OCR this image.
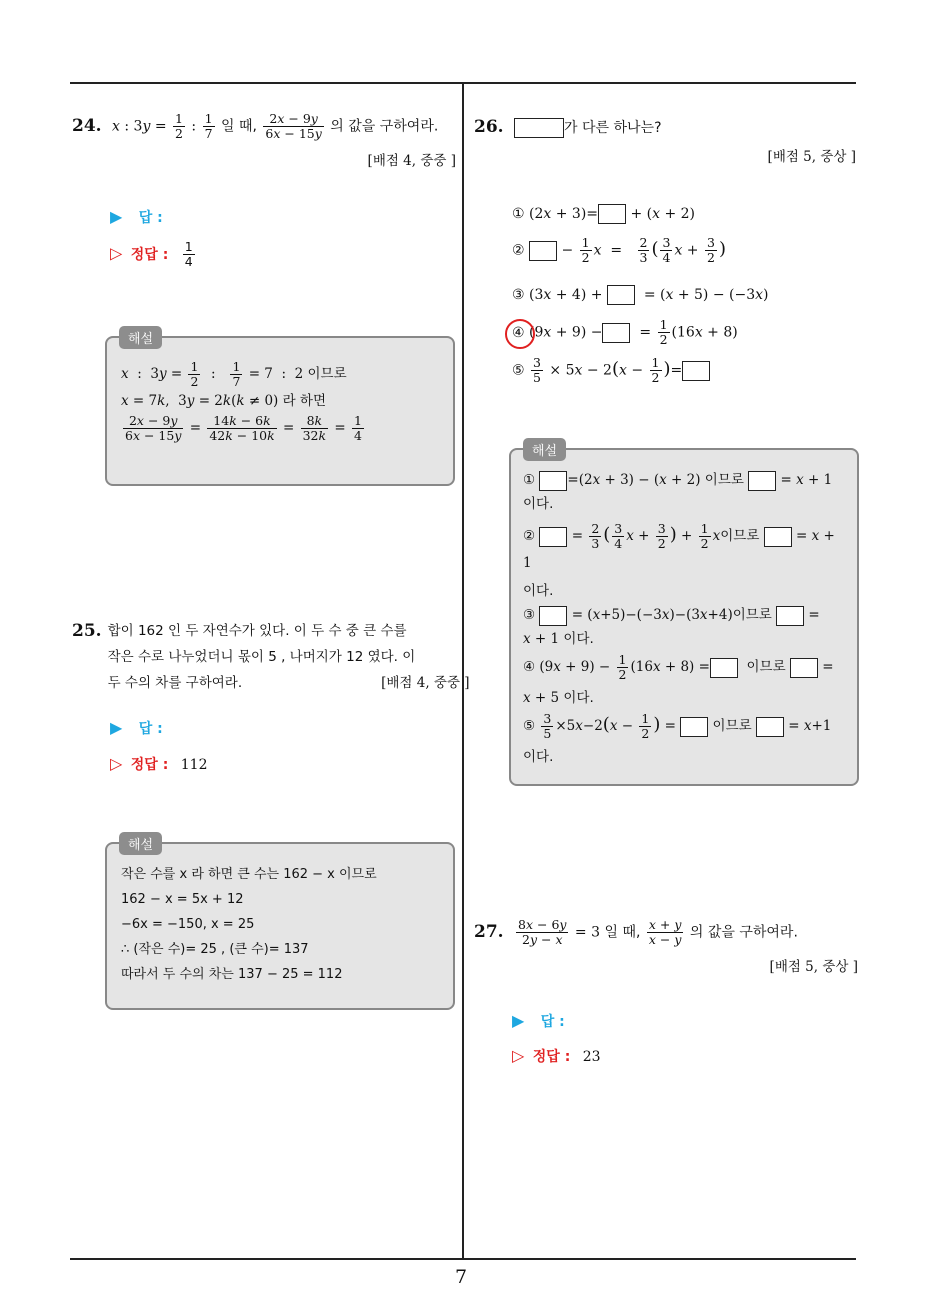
7
24. x : $3y = \frac{1}{2}$ : $\frac{1}{7}$ 일 때, $\frac{2x - 9y}{6x - 15y}$ 의 값을 구하여라.
[배점 4, 중중 ]
▶ 답 :
▷ 정답 : $\frac{1}{4}$
해설
x  :  $3y = \frac{1}{2}$ : $\frac{1}{7} = 7$  :  2 이므로
x = 7k,  3y = 2k(k ≠ 0) 라 하면
$\frac{2x - 9y}{6x - 15y} = \frac{14k - 6k}{42k - 10k} = \frac{8k}{32k} = \frac{1}{4}$
25. 합이 162 인 두 자연수가 있다. 이 두 수 중 큰 수를
작은 수로 나누었더니 몫이 5 , 나머지가 12 였다. 이
두 수의 차를 구하여라.	[배점 4, 중중 ]
▶ 답 :
▷ 정답 : 112
해설
작은 수를 x 라 하면 큰 수는 162 − x 이므로
162 − x = 5x + 12
−6x = −150, x = 25
∴ (작은 수)= 25 , (큰 수)= 137
따라서 두 수의 차는 137 − 25 = 112
26.	가 다른 하나는?
[배점 5, 중상 ]
① (2x + 3)= + (x + 2)
②  − $\frac{1}{2}$ $x = \frac{2}{3}$ ( $\frac{3}{4}$ $x + \frac{3}{2}$ )
③ (3x + 4) +   = (x + 5) − (−3x)
④
(9x + 9) −  = $\frac{1}{2} (16x + 8)$
⑤ $\frac{3}{5} \times 5x - 2(x - \frac{1}{2}$ )=
해설
① =(2x + 3) − (x + 2) 이므로  = x + 1
이다.
②  = $\frac{2}{3}$ ( $\frac{3}{4}$ $x + \frac{3}{2}$ ) + $\frac{1}{2}$ x이므로  = x + 1
이다.
③  = (x+5)−(−3x)−(3x+4)이므로  =
x + 1 이다.
④ $(9x + 9) - \frac{1}{2} (16x + 8)$ =	이므로  =
x + 5 이다.
⑤ $\frac{3}{5} \times 5x-2(x - \frac{1}{2}$ ) =  이므로  = x+1
이다.
27. $\frac{8x - 6y}{2y - x} = 3$ 일 때, $\frac{x + y}{x - y}$ 의 값을 구하여라.
[배점 5, 중상 ]
▶ 답 :
▷ 정답 : 23
